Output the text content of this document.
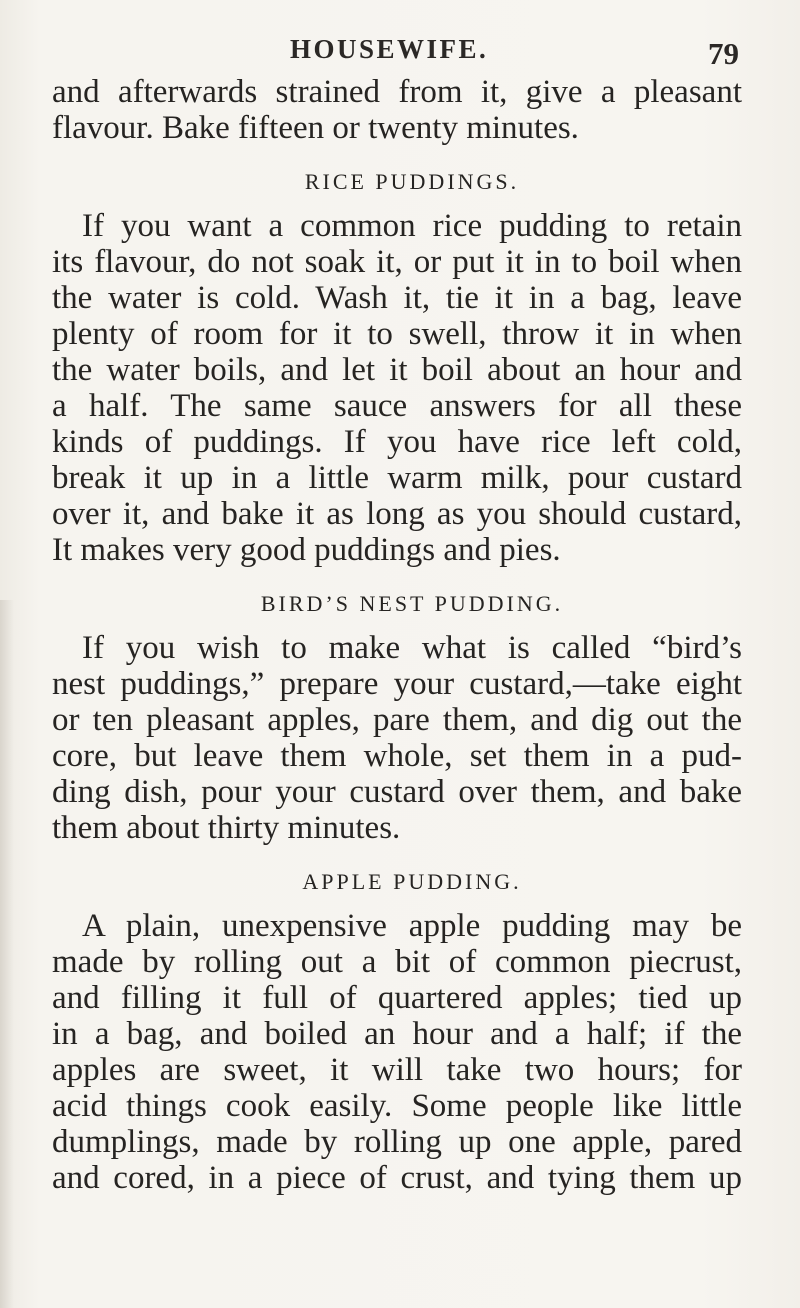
HOUSEWIFE.	79
and afterwards strained from it, give a pleasant
flavour. Bake fifteen or twenty minutes.
RICE PUDDINGS.
If you want a common rice pudding to retain
its flavour, do not soak it, or put it in to boil when
the water is cold. Wash it, tie it in a bag, leave
plenty of room for it to swell, throw it in when
the water boils, and let it boil about an hour and
a half. The same sauce answers for all these
kinds of puddings. If you have rice left cold,
break it up in a little warm milk, pour custard
over it, and bake it as long as you should custard,
It makes very good puddings and pies.
BIRD’S NEST PUDDING.
If you wish to make what is called “bird’s
nest puddings,” prepare your custard,—take eight
or ten pleasant apples, pare them, and dig out the
core, but leave them whole, set them in a pud-
ding dish, pour your custard over them, and bake
them about thirty minutes.
APPLE PUDDING.
A plain, unexpensive apple pudding may be
made by rolling out a bit of common piecrust,
and filling it full of quartered apples; tied up
in a bag, and boiled an hour and a half; if the
apples are sweet, it will take two hours; for
acid things cook easily. Some people like little
dumplings, made by rolling up one apple, pared
and cored, in a piece of crust, and tying them up
